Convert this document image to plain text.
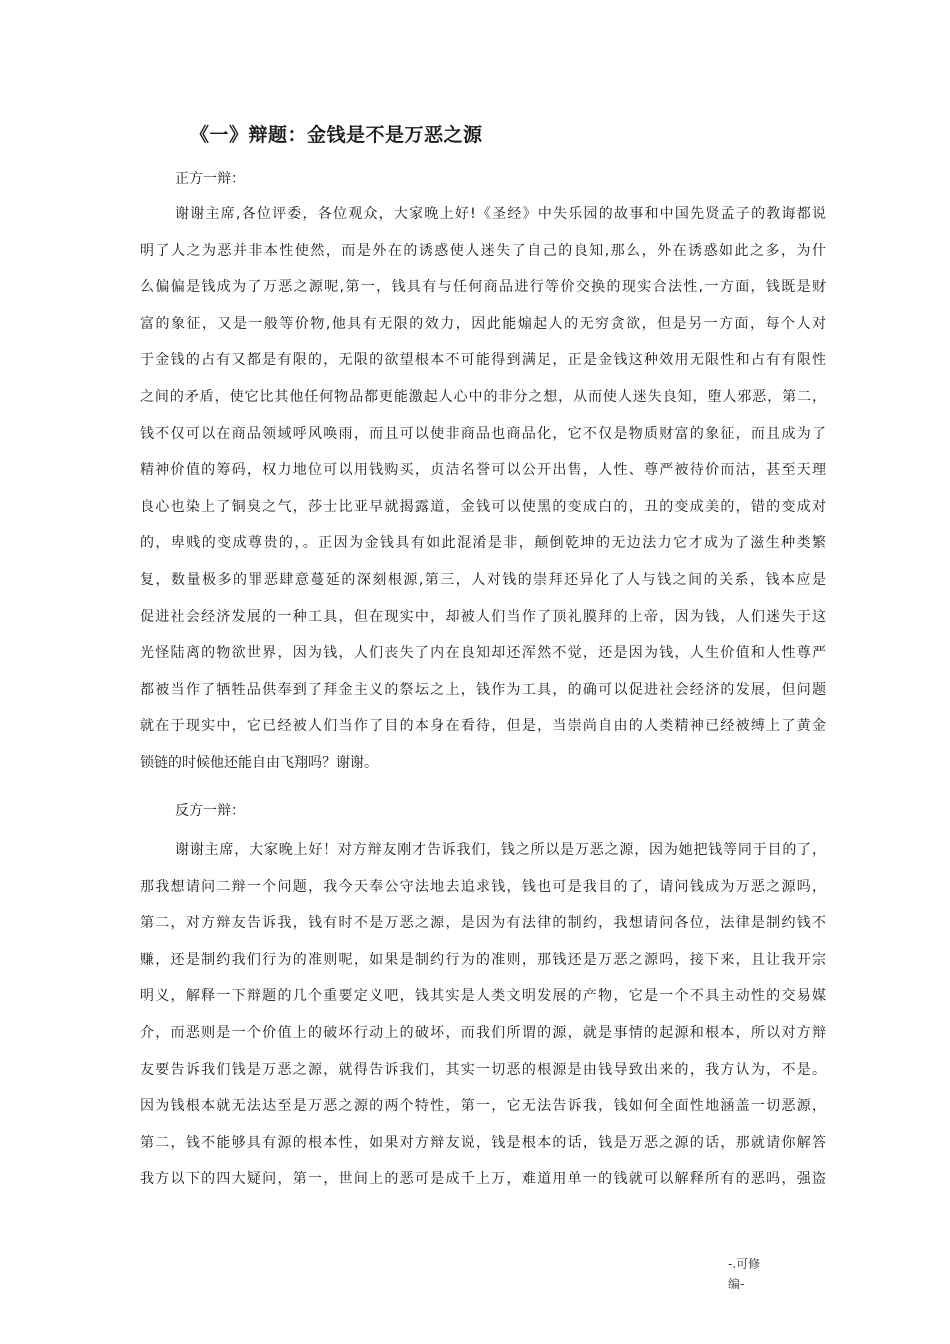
《一》辩题：金钱是不是万恶之源
正方一辩：
谢谢主席,各位评委，各位观众，大家晚上好!《圣经》中失乐园的故事和中国先贤孟子的教诲都说
明了人之为恶并非本性使然，而是外在的诱惑使人迷失了自己的良知,那么，外在诱惑如此之多，为什
么偏偏是钱成为了万恶之源呢,第一，钱具有与任何商品进行等价交换的现实合法性,一方面，钱既是财
富的象征，又是一般等价物,他具有无限的效力，因此能煽起人的无穷贪欲，但是另一方面，每个人对
于金钱的占有又都是有限的，无限的欲望根本不可能得到满足，正是金钱这种效用无限性和占有有限性
之间的矛盾，使它比其他任何物品都更能激起人心中的非分之想，从而使人迷失良知，堕人邪恶，第二，
钱不仅可以在商品领域呼风唤雨，而且可以使非商品也商品化，它不仅是物质财富的象征，而且成为了
精神价值的筹码，权力地位可以用钱购买，贞洁名誉可以公开出售，人性、尊严被待价而沽，甚至天理
良心也染上了铜臭之气，莎士比亚早就揭露道，金钱可以使黑的变成白的，丑的变成美的，错的变成对
的，卑贱的变成尊贵的，。正因为金钱具有如此混淆是非，颠倒乾坤的无边法力它才成为了滋生种类繁
复，数量极多的罪恶肆意蔓延的深刻根源,第三，人对钱的崇拜还异化了人与钱之间的关系，钱本应是
促进社会经济发展的一种工具，但在现实中，却被人们当作了顶礼膜拜的上帝，因为钱，人们迷失于这
光怪陆离的物欲世界，因为钱，人们丧失了内在良知却还浑然不觉，还是因为钱，人生价值和人性尊严
都被当作了牺牲品供奉到了拜金主义的祭坛之上，钱作为工具，的确可以促进社会经济的发展，但问题
就在于现实中，它已经被人们当作了目的本身在看待，但是，当崇尚自由的人类精神已经被缚上了黄金
锁链的时候他还能自由飞翔吗？谢谢。
反方一辩：
谢谢主席，大家晚上好！对方辩友刚才告诉我们，钱之所以是万恶之源，因为她把钱等同于目的了，
那我想请问二辩一个问题，我今天奉公守法地去追求钱，钱也可是我目的了，请问钱成为万恶之源吗，
第二，对方辩友告诉我，钱有时不是万恶之源，是因为有法律的制约，我想请问各位，法律是制约钱不
赚，还是制约我们行为的准则呢，如果是制约行为的准则，那钱还是万恶之源吗，接下来，且让我开宗
明义，解释一下辩题的几个重要定义吧，钱其实是人类文明发展的产物，它是一个不具主动性的交易媒
介，而恶则是一个价值上的破坏行动上的破坏，而我们所谓的源，就是事情的起源和根本，所以对方辩
友要告诉我们钱是万恶之源，就得告诉我们，其实一切恶的根源是由钱导致出来的，我方认为，不是。
因为钱根本就无法达至是万恶之源的两个特性，第一，它无法告诉我，钱如何全面性地涵盖一切恶源，
第二，钱不能够具有源的根本性，如果对方辩友说，钱是根本的话，钱是万恶之源的话，那就请你解答
我方以下的四大疑问，第一，世间上的恶可是成千上万，难道用单一的钱就可以解释所有的恶吗，强盗
-.可修
编-
